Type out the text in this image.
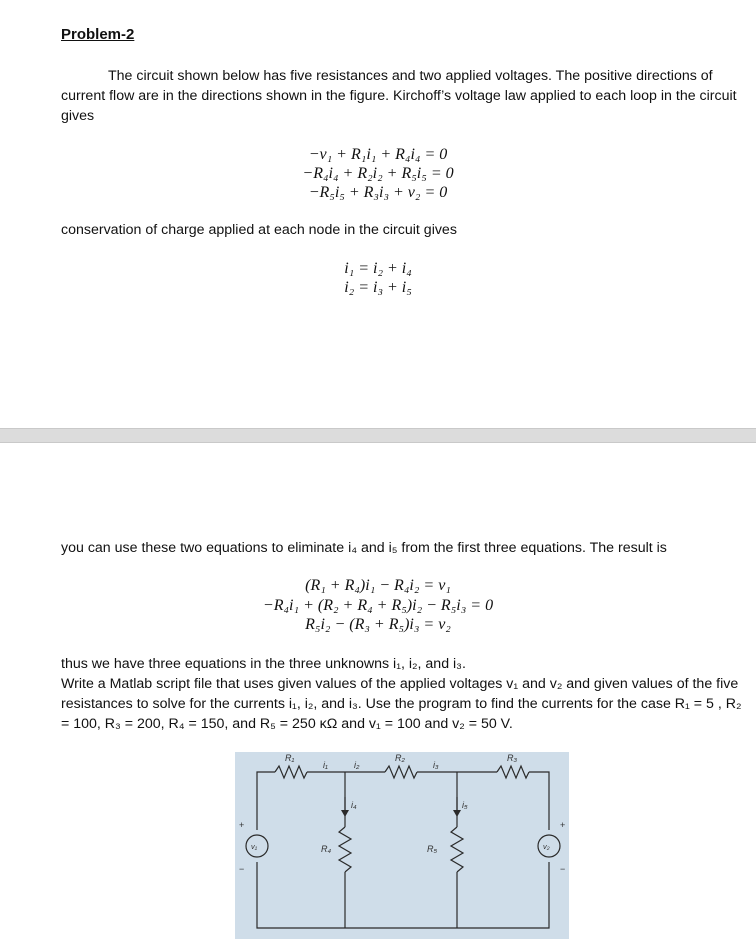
Problem-2
The circuit shown below has five resistances and two applied voltages. The positive directions of current flow are in the directions shown in the figure. Kirchoff’s voltage law applied to each loop in the circuit gives
−v₁ + R₁i₁ + R₄i₄ = 0
−R₄i₄ + R₂i₂ + R₅i₅ = 0
−R₅i₅ + R₃i₃ + v₂ = 0
conservation of charge applied at each node in the circuit gives
i₁ = i₂ + i₄
i₂ = i₃ + i₅
you can use these two equations to eliminate i₄ and i₅ from the first three equations. The result is
(R₁ + R₄)i₁ − R₄i₂ = v₁
−R₄i₁ + (R₂ + R₄ + R₅)i₂ − R₅i₃ = 0
R₅i₂ − (R₃ + R₅)i₃ = v₂
thus we have three equations in the three unknowns i₁, i₂, and i₃.
Write a Matlab script file that uses given values of the applied voltages v₁ and v₂ and given values of the five resistances to solve for the currents i₁, i₂, and i₃. Use the program to find the currents for the case R₁ = 5 , R₂ = 100, R₃ = 200, R₄ = 150, and R₅ = 250 κΩ and v₁ = 100 and v₂ = 50 V.
R₁	R₂	R₃
R₄	R₅
i₁	i₂	i₃
i₄	i₅
v₁	v₂
+
−
+
−
